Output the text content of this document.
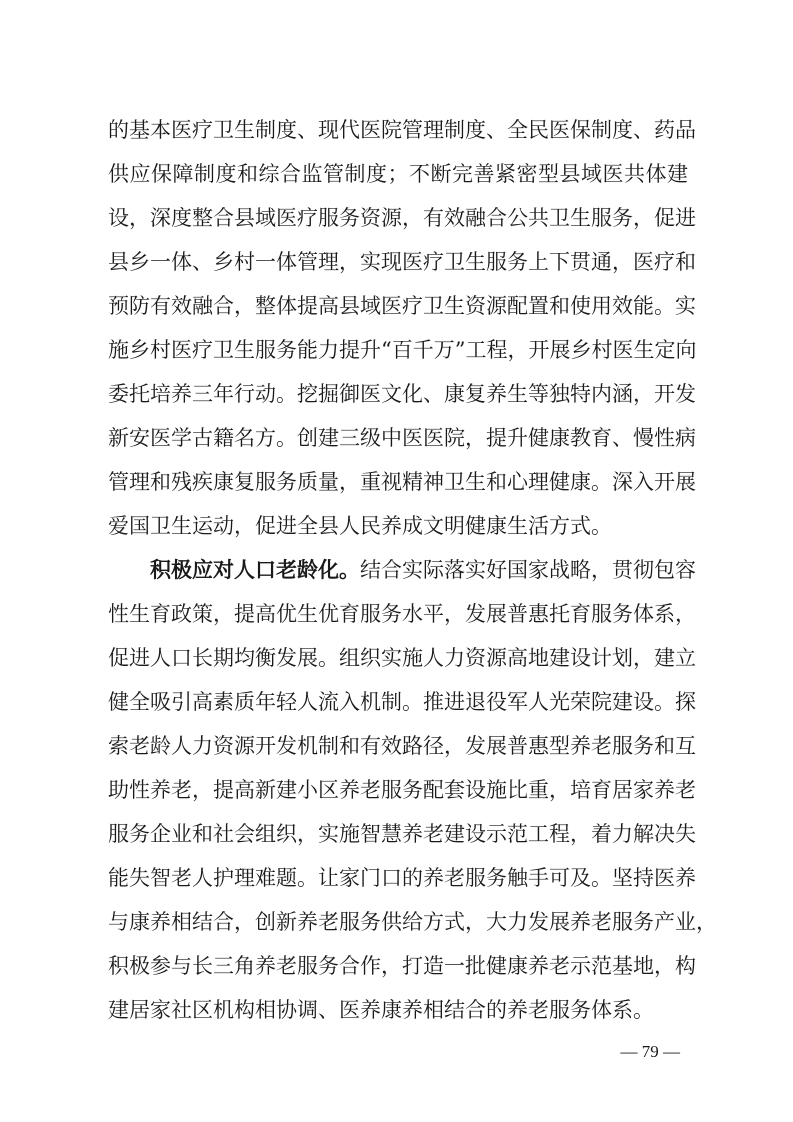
的基本医疗卫生制度、现代医院管理制度、全民医保制度、药品
供应保障制度和综合监管制度；不断完善紧密型县域医共体建
设，深度整合县域医疗服务资源，有效融合公共卫生服务，促进
县乡一体、乡村一体管理，实现医疗卫生服务上下贯通，医疗和
预防有效融合，整体提高县域医疗卫生资源配置和使用效能。实
施乡村医疗卫生服务能力提升“百千万”工程，开展乡村医生定向
委托培养三年行动。挖掘御医文化、康复养生等独特内涵，开发
新安医学古籍名方。创建三级中医医院，提升健康教育、慢性病
管理和残疾康复服务质量，重视精神卫生和心理健康。深入开展
爱国卫生运动，促进全县人民养成文明健康生活方式。
积极应对人口老龄化。结合实际落实好国家战略，贯彻包容
性生育政策，提高优生优育服务水平，发展普惠托育服务体系，
促进人口长期均衡发展。组织实施人力资源高地建设计划，建立
健全吸引高素质年轻人流入机制。推进退役军人光荣院建设。探
索老龄人力资源开发机制和有效路径，发展普惠型养老服务和互
助性养老，提高新建小区养老服务配套设施比重，培育居家养老
服务企业和社会组织，实施智慧养老建设示范工程，着力解决失
能失智老人护理难题。让家门口的养老服务触手可及。坚持医养
与康养相结合，创新养老服务供给方式，大力发展养老服务产业，
积极参与长三角养老服务合作，打造一批健康养老示范基地，构
建居家社区机构相协调、医养康养相结合的养老服务体系。
— 79 —
